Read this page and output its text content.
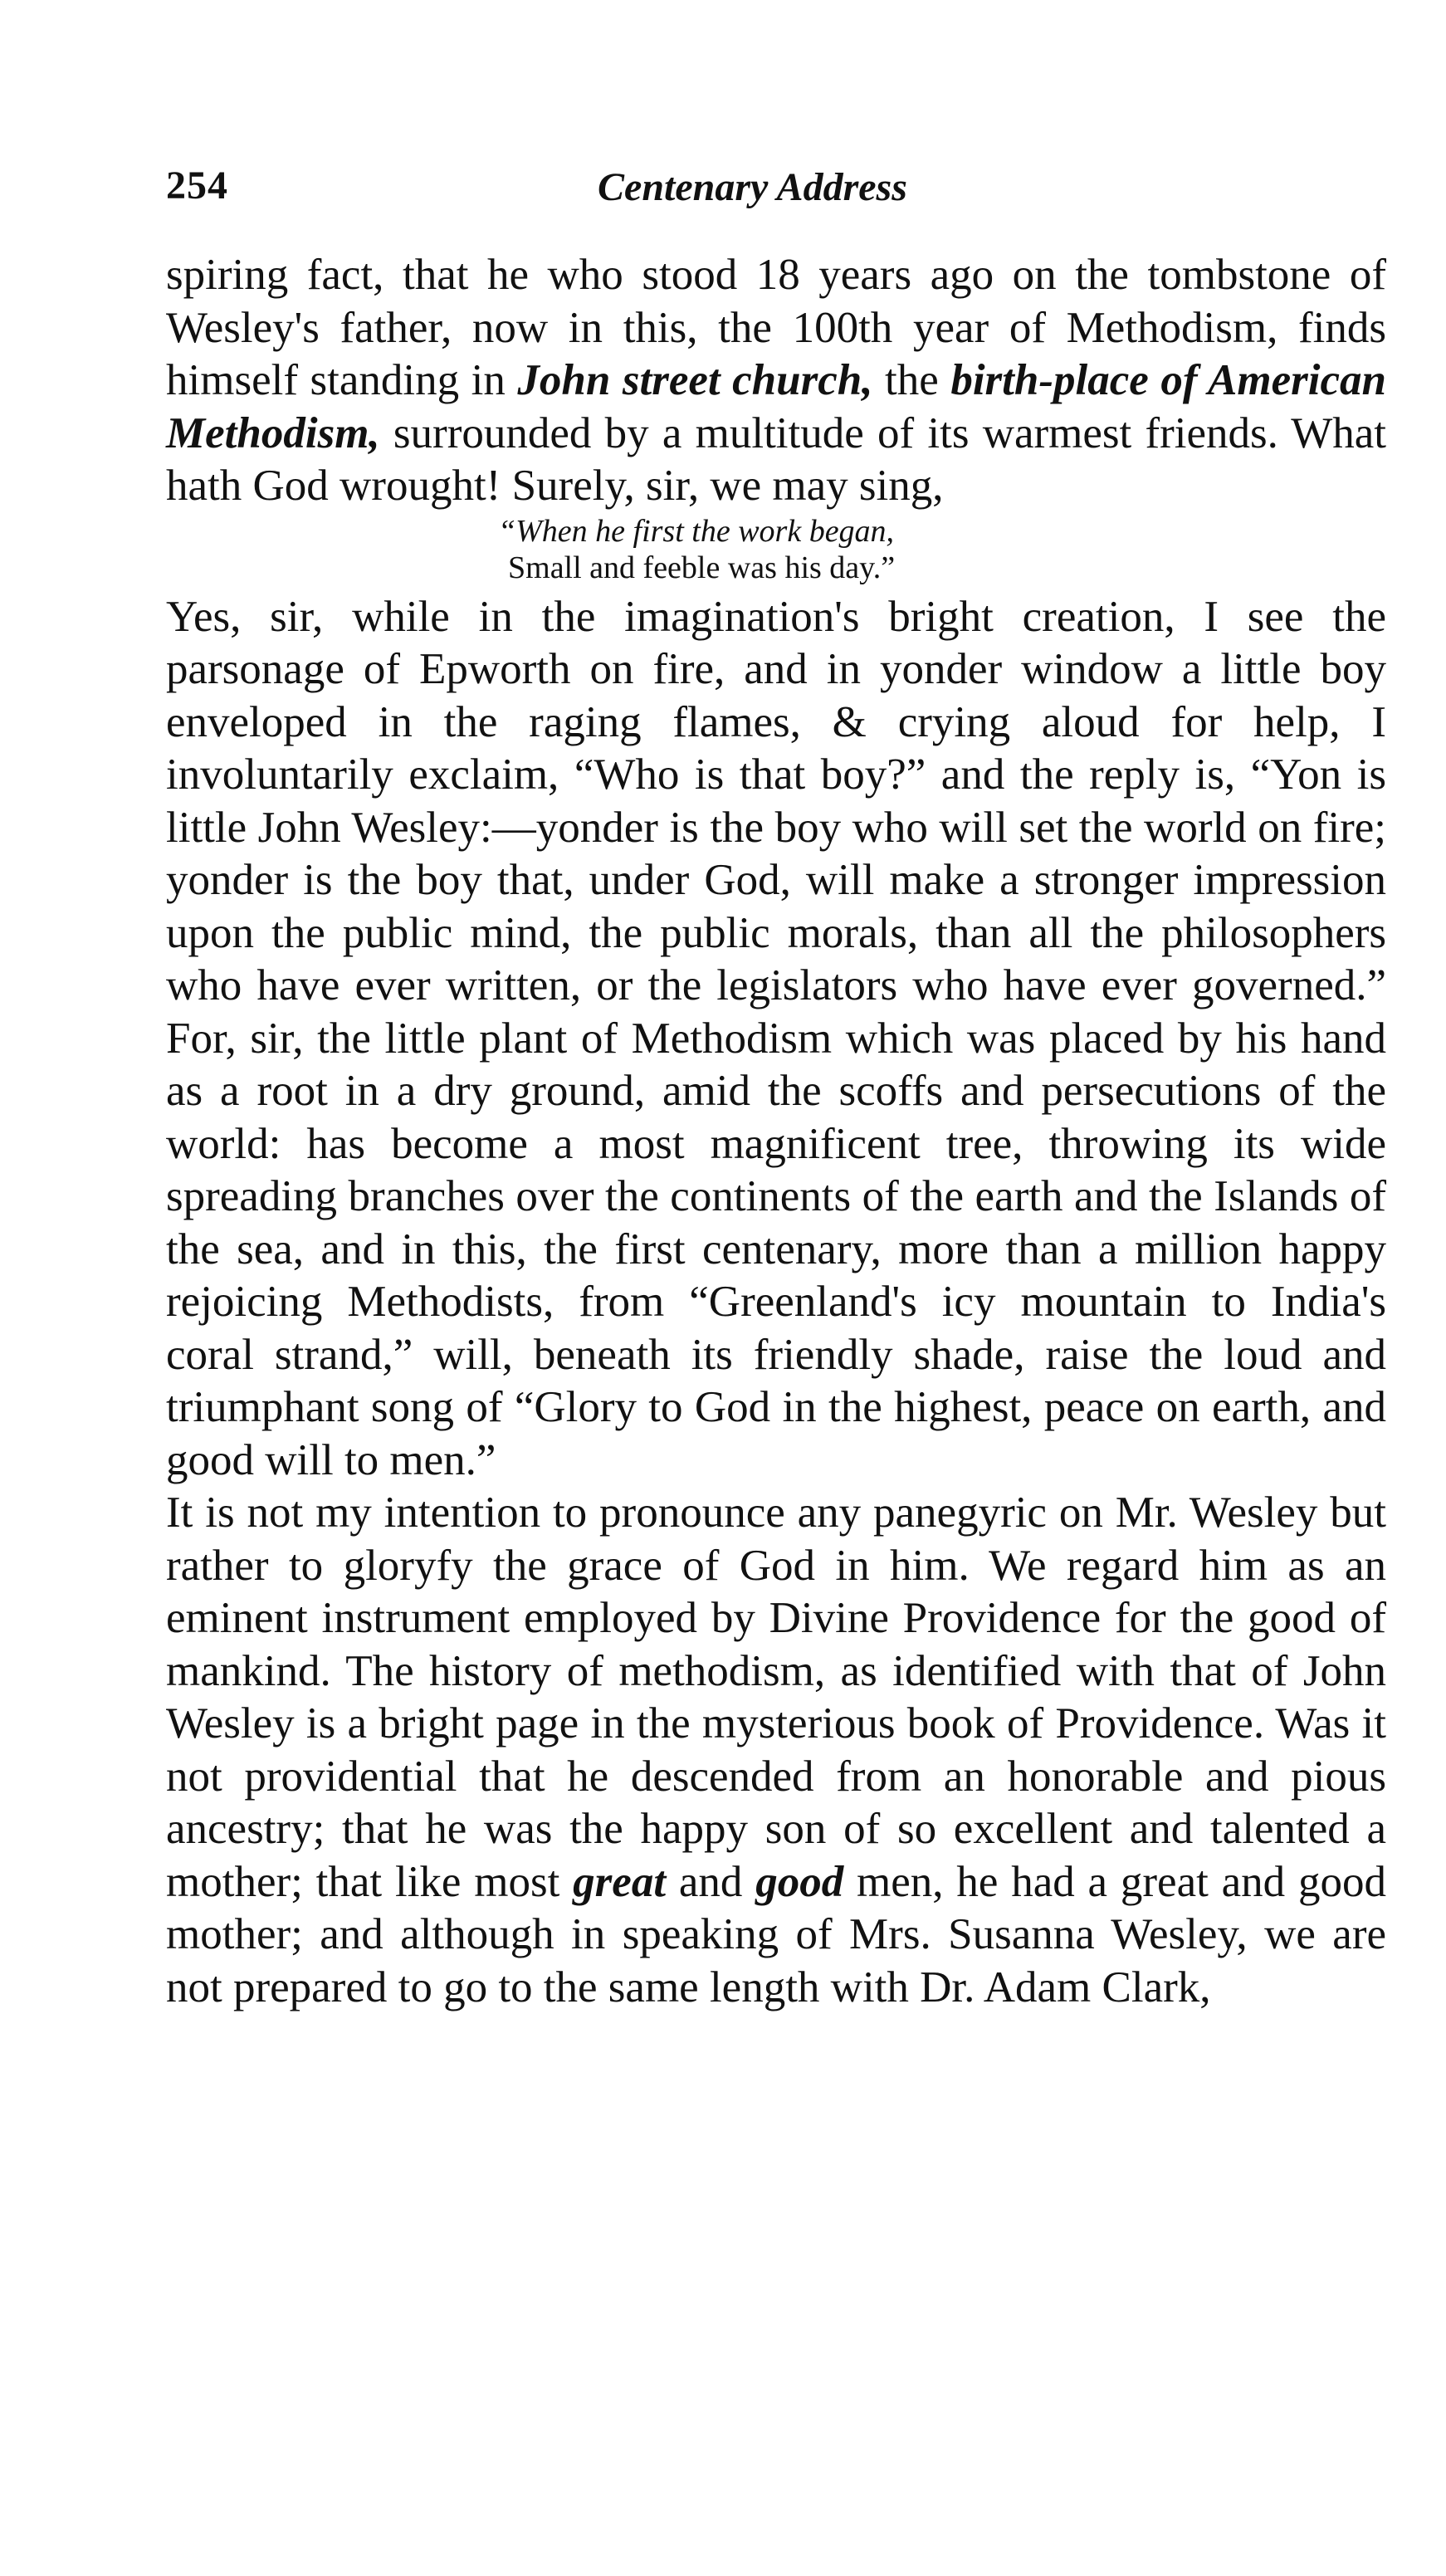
254	Centenary Address

spiring fact, that he who stood 18 years ago on the tombstone of Wesley's father, now in this, the 100th year of Methodism, finds himself standing in John street church, the birth-place of American Methodism, surrounded by a multitude of its warmest friends. What hath God wrought! Surely, sir, we may sing,

“When he first the work began,
Small and feeble was his day.”

Yes, sir, while in the imagination's bright creation, I see the parsonage of Epworth on fire, and in yonder window a little boy enveloped in the raging flames, & crying aloud for help, I involuntarily exclaim, “Who is that boy?” and the reply is, “Yon is little John Wesley:—yonder is the boy who will set the world on fire; yonder is the boy that, under God, will make a stronger impression upon the public mind, the public morals, than all the philosophers who have ever written, or the legislators who have ever governed.” For, sir, the little plant of Methodism which was placed by his hand as a root in a dry ground, amid the scoffs and persecutions of the world: has become a most magnificent tree, throwing its wide spreading branches over the continents of the earth and the Islands of the sea, and in this, the first centenary, more than a million happy rejoicing Methodists, from “Greenland's icy mountain to India's coral strand,” will, beneath its friendly shade, raise the loud and triumphant song of “Glory to God in the highest, peace on earth, and good will to men.”

It is not my intention to pronounce any panegyric on Mr. Wesley but rather to gloryfy the grace of God in him. We regard him as an eminent instrument employed by Divine Providence for the good of mankind. The history of methodism, as identified with that of John Wesley is a bright page in the mysterious book of Providence. Was it not providential that he descended from an honorable and pious ancestry; that he was the happy son of so excellent and talented a mother; that like most great and good men, he had a great and good mother; and although in speaking of Mrs. Susanna Wesley, we are not prepared to go to the same length with Dr. Adam Clark,
